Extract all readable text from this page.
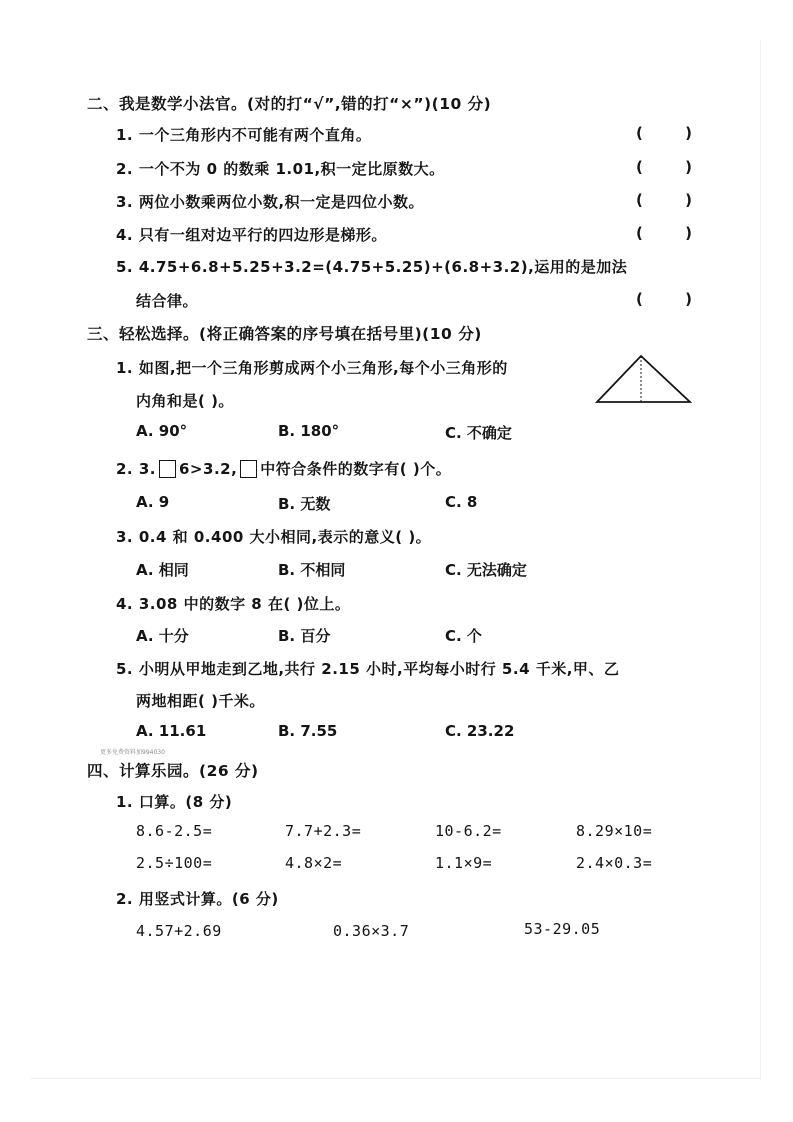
二、我是数学小法官。(对的打“√”,错的打“×”)(10 分)
1. 一个三角形内不可能有两个直角。	(	)
2. 一个不为 0 的数乘 1.01,积一定比原数大。	(	)
3. 两位小数乘两位小数,积一定是四位小数。	(	)
4. 只有一组对边平行的四边形是梯形。	(	)
5. 4.75+6.8+5.25+3.2=(4.75+5.25)+(6.8+3.2),运用的是加法
结合律。	(	)
三、轻松选择。(将正确答案的序号填在括号里)(10 分)
1. 如图,把一个三角形剪成两个小三角形,每个小三角形的
内角和是( )。
A. 90°	B. 180°	C. 不确定
2. 3. 6>3.2, 中符合条件的数字有( )个。
A. 9	B. 无数	C. 8
3. 0.4 和 0.400 大小相同,表示的意义( )。
A. 相同	B. 不相同	C. 无法确定
4. 3.08 中的数字 8 在( )位上。
A. 十分	B. 百分	C. 个
5. 小明从甲地走到乙地,共行 2.15 小时,平均每小时行 5.4 千米,甲、乙
两地相距( )千米。
A. 11.61	B. 7.55	C. 23.22
更多免费资料加994030
四、计算乐园。(26 分)
1. 口算。(8 分)
8.6-2.5=	7.7+2.3=	10-6.2=	8.29×10=
2.5÷100=	4.8×2=	1.1×9=	2.4×0.3=
2. 用竖式计算。(6 分)
4.57+2.69	0.36×3.7	53-29.05
